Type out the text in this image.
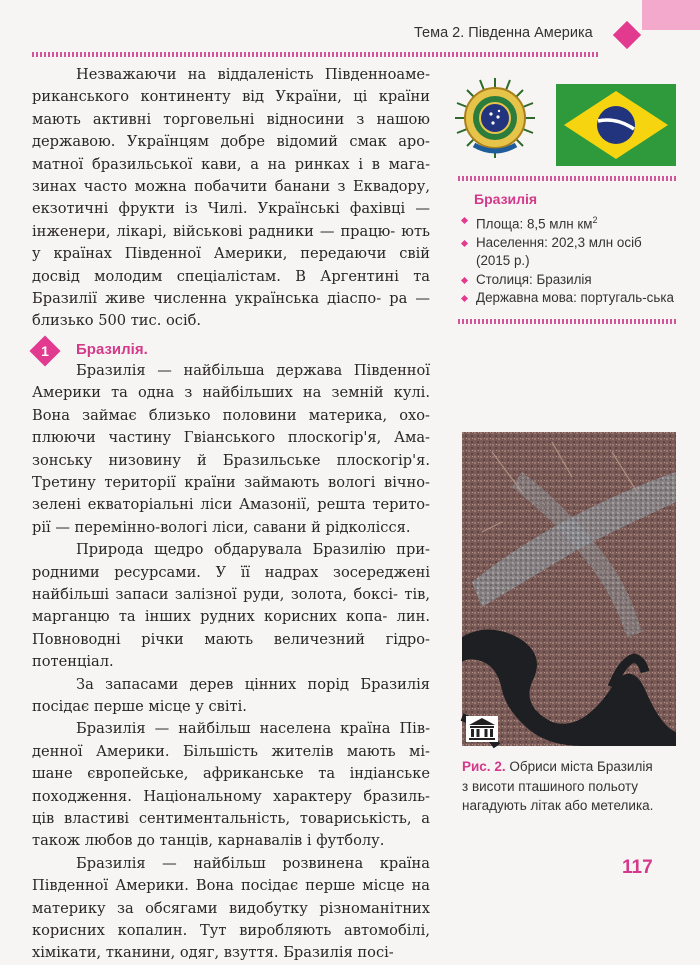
Тема 2. Південна Америка

Незважаючи на віддаленість Південноаме- риканського континенту від України, ці країни мають активні торговельні відносини з нашою державою. Українцям добре відомий смак аро- матної бразильської кави, а на ринках і в мага- зинах часто можна побачити банани з Еквадору, екзотичні фрукти із Чилі. Українські фахівці — інженери, лікарі, військові радники — працю- ють у країнах Південної Америки, передаючи свій досвід молодим спеціалістам. В Аргентині та Бразилії живе численна українська діаспо- ра — близько 500 тис. осіб.

1	Бразилія.

Бразилія — найбільша держава Південної Америки та одна з найбільших на земній кулі. Вона займає близько половини материка, охо- плюючи частину Гвіанського плоскогір'я, Ама- зонську низовину й Бразильське плоскогір'я. Третину території країни займають вологі вічно- зелені екваторіальні ліси Амазонії, решта терито- рії — перемінно-вологі ліси, савани й рідколісся.

Природа щедро обдарувала Бразилію при- родними ресурсами. У її надрах зосереджені найбільші запаси залізної руди, золота, боксі- тів, марганцю та інших рудних корисних копа- лин. Повноводні річки мають величезний гідро- потенціал.

За запасами дерев цінних порід Бразилія посідає перше місце у світі.

Бразилія — найбільш населена країна Пів- денної Америки. Більшість жителів мають мі- шане європейське, африканське та індіанське походження. Національному характеру бразиль- ців властиві сентиментальність, товариськість, а також любов до танців, карнавалів і футболу.

Бразилія — найбільш розвинена країна Південної Америки. Вона посідає перше місце на материку за обсягами видобутку різноманітних корисних копалин. Тут виробляють автомобілі, хімікати, тканини, одяг, взуття. Бразилія посі-

Бразилія
Площа: 8,5 млн $км^2$
Населення: 202,3 млн осіб (2015 р.)
Столиця: Бразилія
Державна мова: португаль-ська
Рис. 2. Обриси міста Бразилія з висоти пташиного польоту нагадують літак або метелика.
117
